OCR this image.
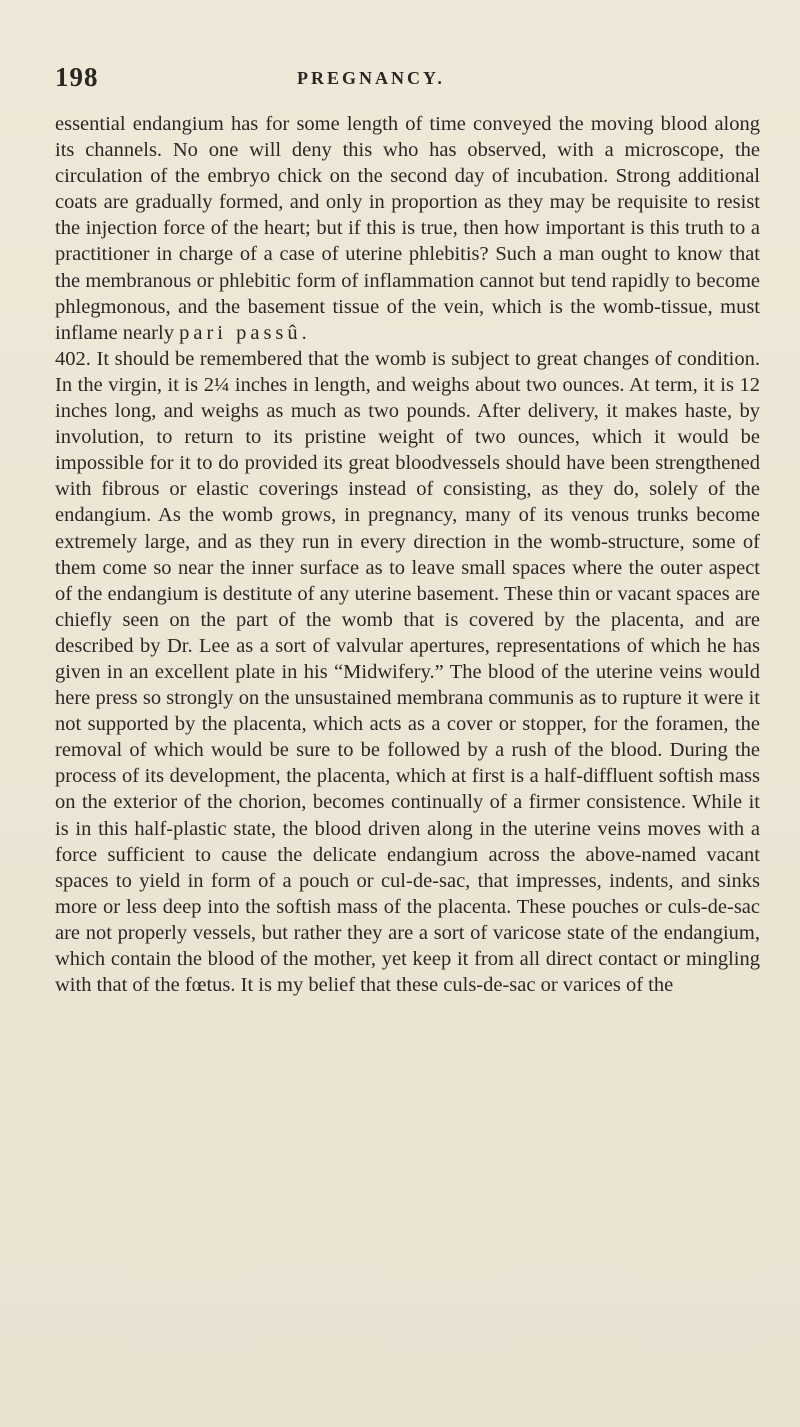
198	PREGNANCY.

essential endangium has for some length of time conveyed the moving blood along its channels. No one will deny this who has observed, with a microscope, the circulation of the embryo chick on the second day of incubation. Strong additional coats are gradually formed, and only in proportion as they may be requisite to resist the injection force of the heart; but if this is true, then how important is this truth to a practitioner in charge of a case of uterine phlebitis? Such a man ought to know that the membranous or phlebitic form of inflammation cannot but tend rapidly to become phlegmonous, and the basement tissue of the vein, which is the womb-tissue, must inflame nearly pari passû.

402. It should be remembered that the womb is subject to great changes of condition. In the virgin, it is 2¼ inches in length, and weighs about two ounces. At term, it is 12 inches long, and weighs as much as two pounds. After delivery, it makes haste, by involution, to return to its pristine weight of two ounces, which it would be impossible for it to do provided its great bloodvessels should have been strengthened with fibrous or elastic coverings instead of consisting, as they do, solely of the endangium. As the womb grows, in pregnancy, many of its venous trunks become extremely large, and as they run in every direction in the womb-structure, some of them come so near the inner surface as to leave small spaces where the outer aspect of the endangium is destitute of any uterine basement. These thin or vacant spaces are chiefly seen on the part of the womb that is covered by the placenta, and are described by Dr. Lee as a sort of valvular apertures, representations of which he has given in an excellent plate in his “Midwifery.” The blood of the uterine veins would here press so strongly on the unsustained membrana communis as to rupture it were it not supported by the placenta, which acts as a cover or stopper, for the foramen, the removal of which would be sure to be followed by a rush of the blood. During the process of its development, the placenta, which at first is a half-diffluent softish mass on the exterior of the chorion, becomes continually of a firmer consistence. While it is in this half-plastic state, the blood driven along in the uterine veins moves with a force sufficient to cause the delicate endangium across the above-named vacant spaces to yield in form of a pouch or cul-de-sac, that impresses, indents, and sinks more or less deep into the softish mass of the placenta. These pouches or culs-de-sac are not properly vessels, but rather they are a sort of varicose state of the endangium, which contain the blood of the mother, yet keep it from all direct contact or mingling with that of the fœtus. It is my belief that these culs-de-sac or varices of the
